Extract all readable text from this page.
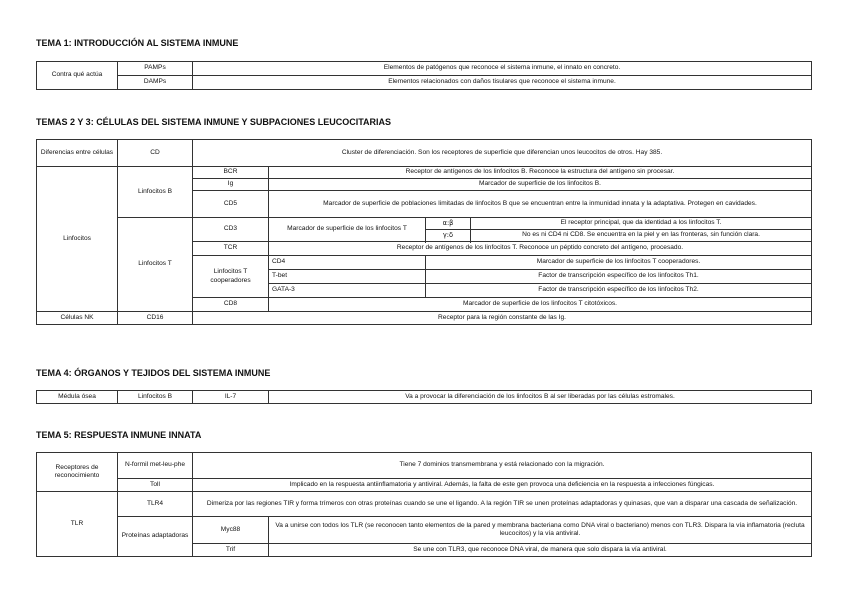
TEMA 1: INTRODUCCIÓN AL SISTEMA INMUNE
Contra qué actúa	PAMPs	Elementos de patógenos que reconoce el sistema inmune, el innato en concreto.
	DAMPs	Elementos relacionados con daños tisulares que reconoce el sistema inmune.
TEMAS 2 Y 3: CÉLULAS DEL SISTEMA INMUNE Y SUBPACIONES LEUCOCITARIAS
Diferencias entre células	CD	Cluster de diferenciación. Son los receptores de superficie que diferencian unos leucocitos de otros. Hay 385.			
Linfocitos	Linfocitos B	BCR	Receptor de antígenos de los linfocitos B. Reconoce la estructura del antígeno sin procesar.		
		Ig	Marcador de superficie de los linfocitos B.		
		CD5	Marcador de superficie de poblaciones limitadas de linfocitos B que se encuentran entre la inmunidad innata y la adaptativa. Protegen en cavidades.		
	Linfocitos T	CD3	Marcador de superficie de los linfocitos T	α:β	El receptor principal, que da identidad a los linfocitos T.
				γ:δ	No es ni CD4 ni CD8. Se encuentra en la piel y en las fronteras, sin función clara.

		TCR	Receptor de antígenos de los linfocitos T. Reconoce un péptido concreto del antígeno, procesado.		
		Linfocitos T cooperadores	CD4	Marcador de superficie de los linfocitos T cooperadores.	
			T-bet	Factor de transcripción específico de los linfocitos Th1.	
			GATA-3	Factor de transcripción específico de los linfocitos Th2.	
		CD8	Marcador de superficie de los linfocitos T citotóxicos.		
Células NK	CD16	Receptor para la región constante de las Ig.			
TEMA 4: ÓRGANOS Y TEJIDOS DEL SISTEMA INMUNE
Médula ósea	Linfocitos B	IL-7	Va a provocar la diferenciación de los linfocitos B al ser liberadas por las células estromales.
TEMA 5: RESPUESTA INMUNE INNATA
Receptores de reconocimiento	N-formil met-leu-phe	Tiene 7 dominios transmembrana y está relacionado con la migración.	
	Toll	Implicado en la respuesta antiinflamatoria y antiviral. Además, la falta de este gen provoca una deficiencia en la respuesta a infecciones fúngicas.	
TLR	TLR4	Dimeriza por las regiones TIR y forma trímeros con otras proteínas cuando se une el ligando. A la región TIR se unen proteínas adaptadoras y quinasas, que van a disparar una cascada de señalización.	
	Proteínas adaptadoras	Myc88	Va a unirse con todos los TLR (se reconocen tanto elementos de la pared y membrana bacteriana como DNA viral o bacteriano) menos con TLR3. Dispara la vía inflamatoria (recluta leucocitos) y la vía antiviral.
		Trif	Se une con TLR3, que reconoce DNA viral, de manera que solo dispara la vía antiviral.
